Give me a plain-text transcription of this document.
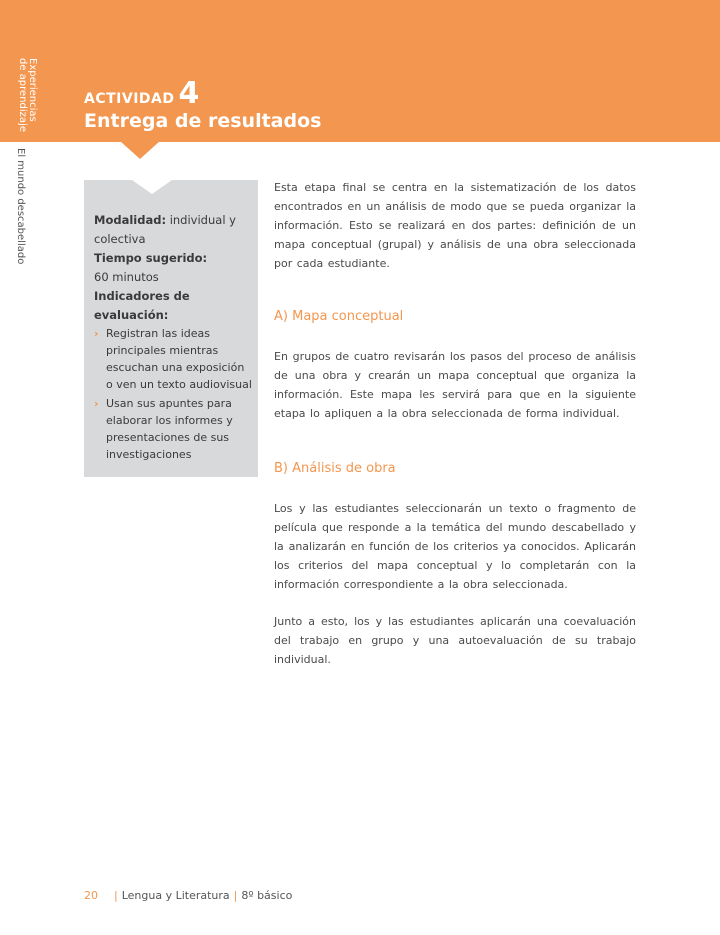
Experiencias
de aprendizaje
El mundo descabellado
ACTIVIDAD 4
Entrega de resultados
Modalidad: individual y colectiva
Tiempo sugerido:
60 minutos
Indicadores de evaluación:
› Registran las ideas principales mientras escuchan una exposición o ven un texto audiovisual
› Usan sus apuntes para elaborar los informes y presentaciones de sus investigaciones
Esta etapa final se centra en la sistematización de los datos encontrados en un análisis de modo que se pueda organizar la información. Esto se realizará en dos partes: definición de un mapa conceptual (grupal) y análisis de una obra seleccionada por cada estudiante.
A) Mapa conceptual
En grupos de cuatro revisarán los pasos del proceso de análisis de una obra y crearán un mapa conceptual que organiza la información. Este mapa les servirá para que en la siguiente etapa lo apliquen a la obra seleccionada de forma individual.
B) Análisis de obra
Los y las estudiantes seleccionarán un texto o fragmento de película que responde a la temática del mundo descabellado y la analizarán en función de los criterios ya conocidos. Aplicarán los criterios del mapa conceptual y lo completarán con la información correspondiente a la obra seleccionada.
Junto a esto, los y las estudiantes aplicarán una coevaluación del trabajo en grupo y una autoevaluación de su trabajo individual.
20 | Lengua y Literatura | 8º básico
